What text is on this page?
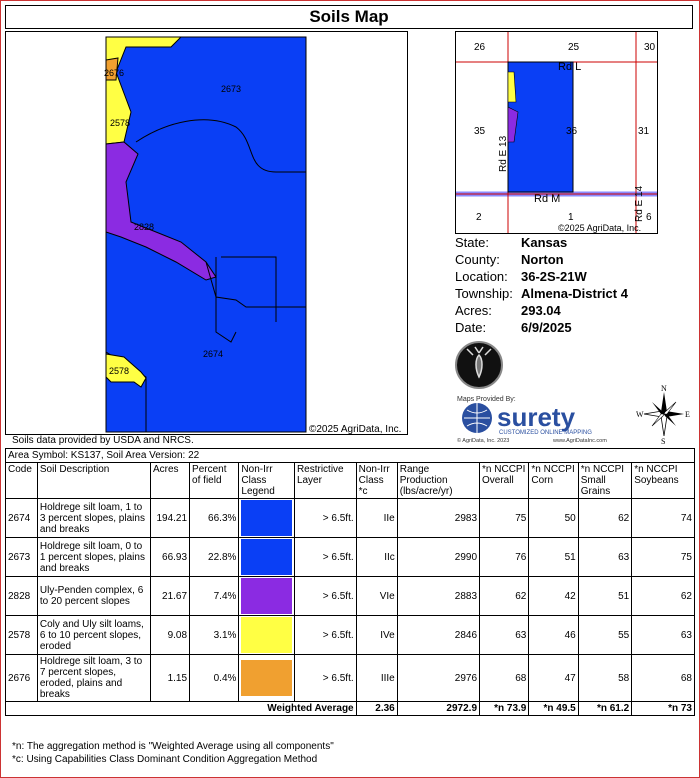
Soils Map
2676
2673
2578
2828
2578
2674
©2025 AgriData, Inc.
Soils data provided by USDA and NRCS.
26	25	30
35	36	31
2	1	6
Rd L
Rd E 13
Rd M	Rd E 14
©2025 AgriData, Inc.
State:	Kansas
County:	Norton
Location:	36-2S-21W
Township: Almena-District 4
Acres:	293.04
Date:	6/9/2025
Maps Provided By:
surety
CUSTOMIZED ONLINE MAPPING
© AgriData, Inc. 2023	www.AgriDataInc.com
N
S
E
W
Area Symbol: KS137, Soil Area Version: 22											
Code	Soil Description	Acres	Percent of field	Non-Irr Class Legend	Restrictive Layer	Non-Irr Class *c	Range Production (lbs/acre/yr)	*n NCCPI Overall	*n NCCPI Corn	*n NCCPI Small Grains	*n NCCPI Soybeans
2674	Holdrege silt loam, 1 to 3 percent slopes, plains and breaks	194.21	66.3%		> 6.5ft.	IIe	2983	75	50	62	74
2673	Holdrege silt loam, 0 to 1 percent slopes, plains and breaks	66.93	22.8%		> 6.5ft.	IIc	2990	76	51	63	75
2828	Uly-Penden complex, 6 to 20 percent slopes	21.67	7.4%		> 6.5ft.	VIe	2883	62	42	51	62
2578	Coly and Uly silt loams, 6 to 10 percent slopes, eroded	9.08	3.1%		> 6.5ft.	IVe	2846	63	46	55	63
2676	Holdrege silt loam, 3 to 7 percent slopes, eroded, plains and breaks	1.15	0.4%		> 6.5ft.	IIIe	2976	68	47	58	68
Weighted Average						2.36	2972.9	*n 73.9	*n 49.5	*n 61.2	*n 73
*n: The aggregation method is "Weighted Average using all components"
*c: Using Capabilities Class Dominant Condition Aggregation Method
